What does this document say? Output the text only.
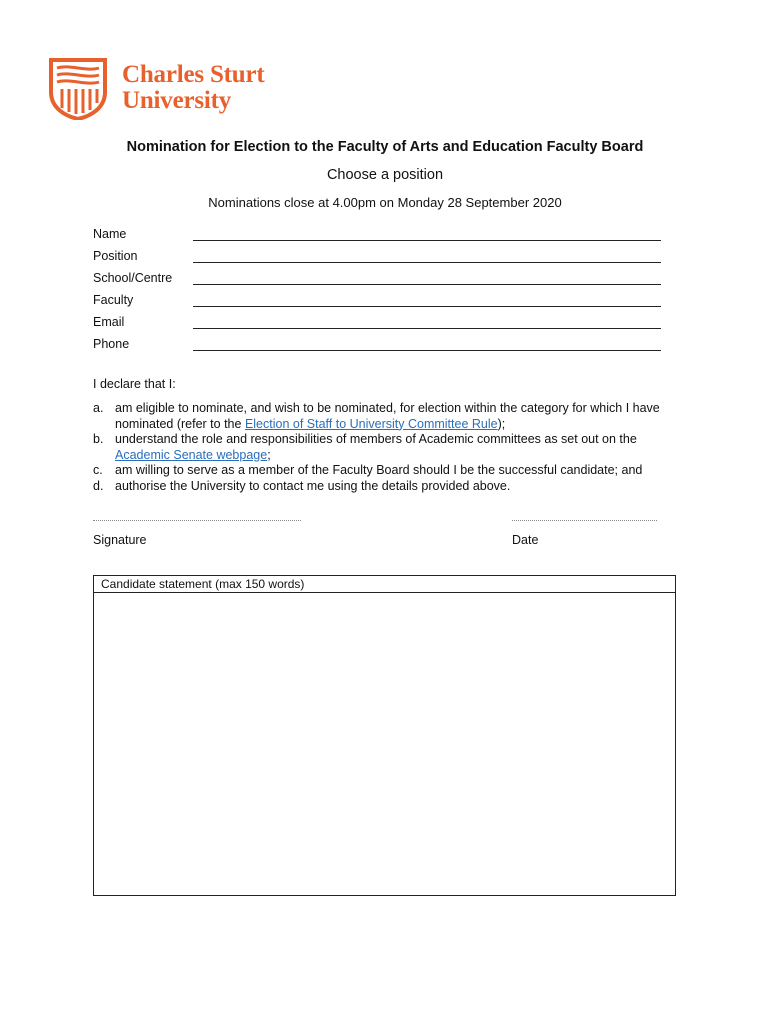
Charles Sturt
University
Nomination for Election to the Faculty of Arts and Education Faculty Board
Choose a position
Nominations close at 4.00pm on Monday 28 September 2020
Name
Position
School/Centre
Faculty
Email
Phone
I declare that I:
a. am eligible to nominate, and wish to be nominated, for election within the category for which I have nominated (refer to the Election of Staff to University Committee Rule);
b. understand the role and responsibilities of members of Academic committees as set out on the Academic Senate webpage;
c. am willing to serve as a member of the Faculty Board should I be the successful candidate; and
d. authorise the University to contact me using the details provided above.
Signature	Date
Candidate statement (max 150 words)
